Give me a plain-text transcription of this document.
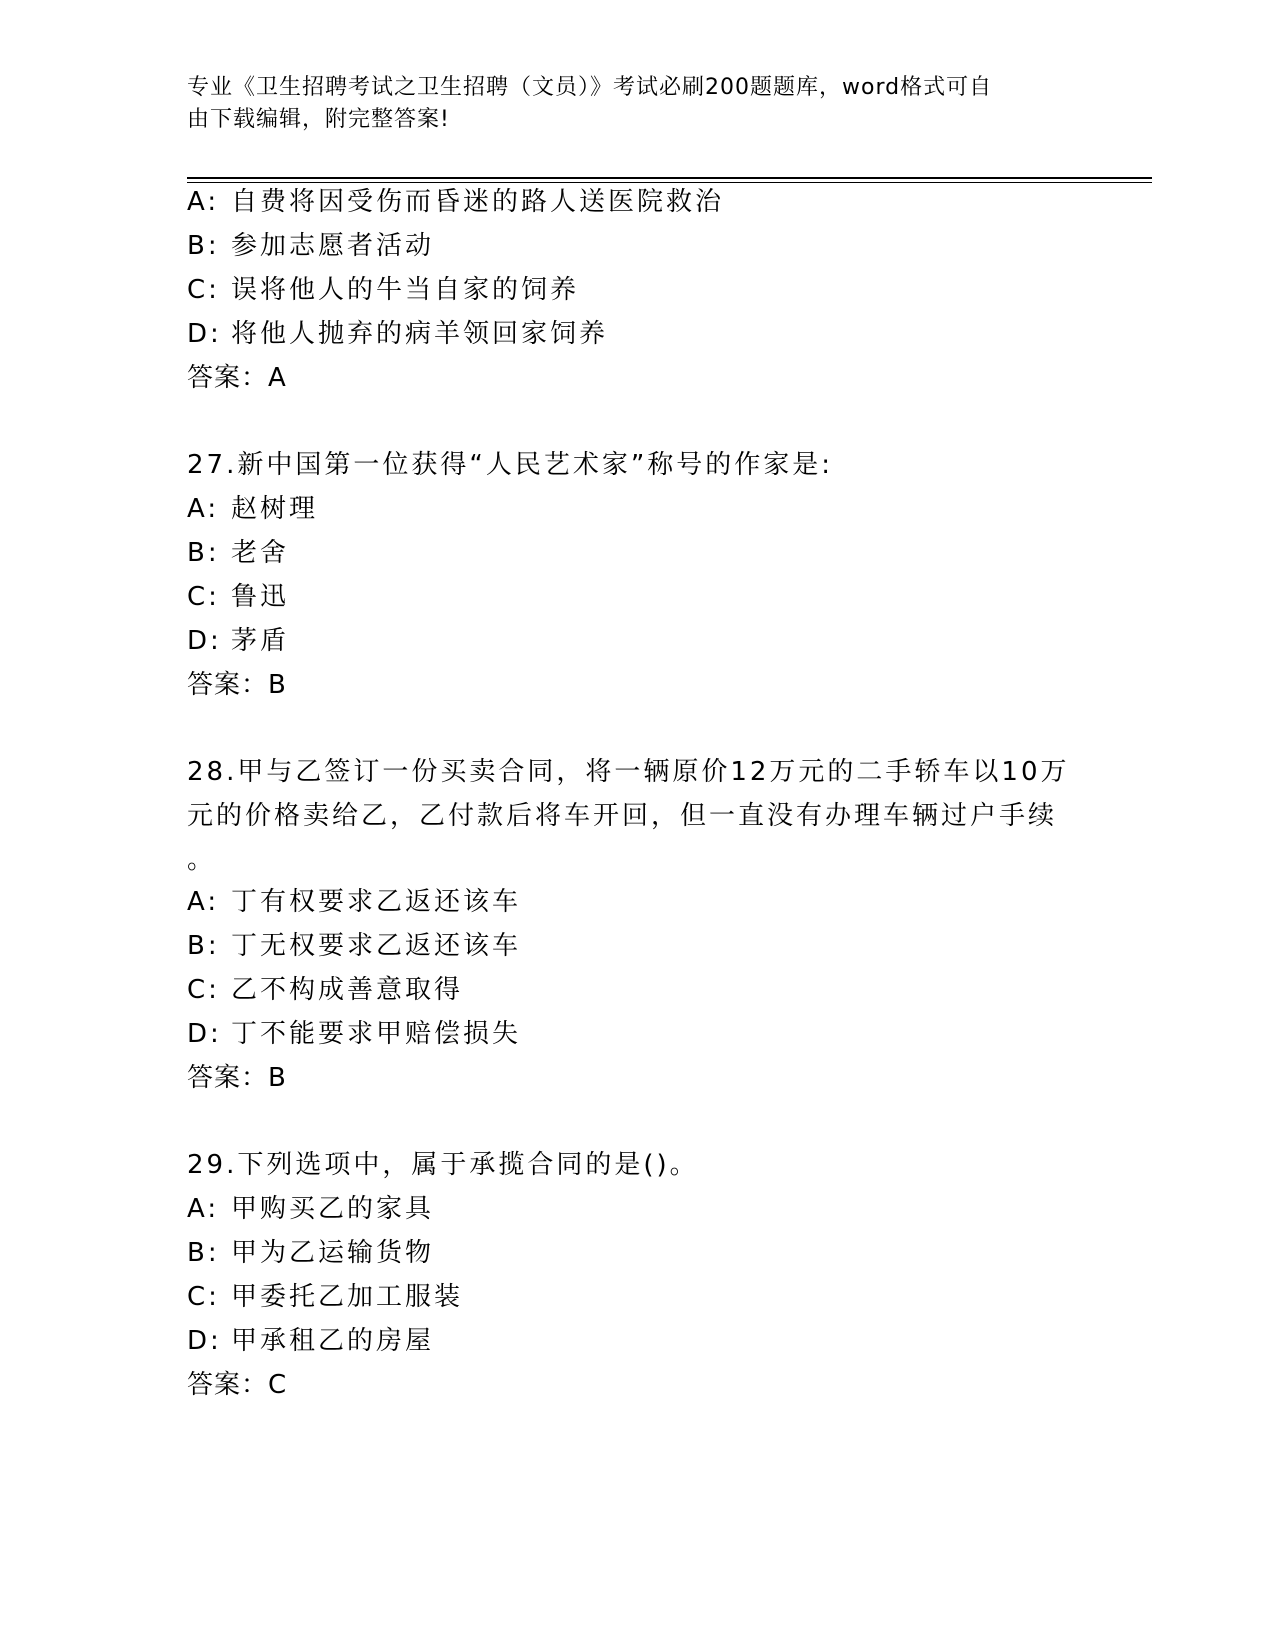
专业《卫生招聘考试之卫生招聘（文员）》考试必刷200题题库，word格式可自
由下载编辑，附完整答案!
A: 自费将因受伤而昏迷的路人送医院救治
B: 参加志愿者活动
C: 误将他人的牛当自家的饲养
D: 将他人抛弃的病羊领回家饲养
答案：A
27.新中国第一位获得“人民艺术家”称号的作家是:
A: 赵树理
B: 老舍
C: 鲁迅
D: 茅盾
答案：B
28.甲与乙签订一份买卖合同，将一辆原价12万元的二手轿车以10万
元的价格卖给乙，乙付款后将车开回，但一直没有办理车辆过户手续
。
A: 丁有权要求乙返还该车
B: 丁无权要求乙返还该车
C: 乙不构成善意取得
D: 丁不能要求甲赔偿损失
答案：B
29.下列选项中，属于承揽合同的是()。
A: 甲购买乙的家具
B: 甲为乙运输货物
C: 甲委托乙加工服装
D: 甲承租乙的房屋
答案：C
